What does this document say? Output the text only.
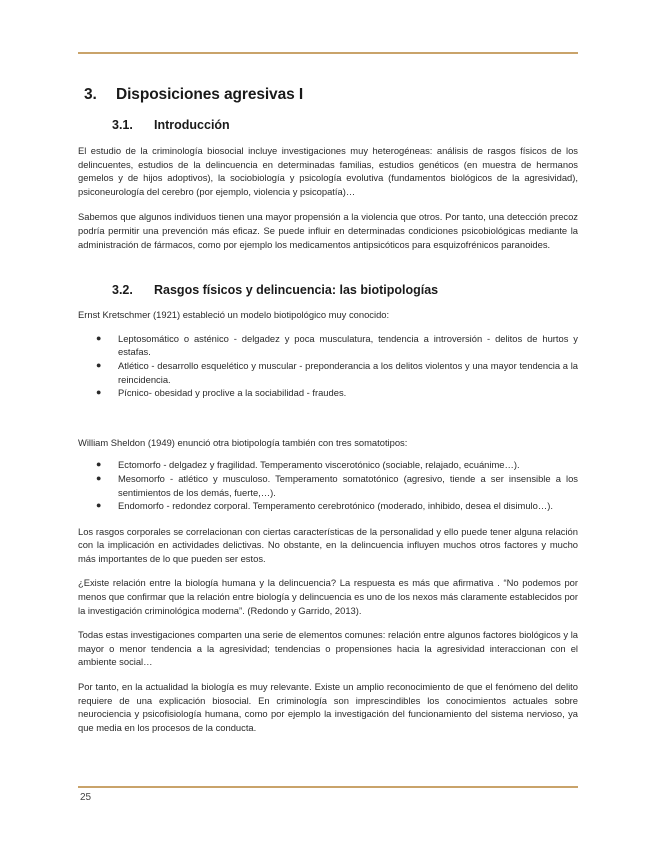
3.	Disposiciones agresivas I
3.1.	Introducción

El estudio de la criminología biosocial incluye investigaciones muy heterogéneas: análisis de rasgos físicos de los delincuentes, estudios de la delincuencia en determinadas familias, estudios genéticos (en muestra de hermanos gemelos y de hijos adoptivos), la sociobiología y psicología evolutiva (fundamentos biológicos de la agresividad), psiconeurología del cerebro (por ejemplo, violencia y psicopatía)…

Sabemos que algunos individuos tienen una mayor propensión a la violencia que otros. Por tanto, una detección precoz podría permitir una prevención más eficaz. Se puede influir en determinadas condiciones psicobiológicas mediante la administración de fármacos, como por ejemplo los medicamentos antipsicóticos para esquizofrénicos paranoides.

3.2.	Rasgos físicos y delincuencia: las biotipologías

Ernst Kretschmer (1921) estableció un modelo biotipológico muy conocido:

● Leptosomático o asténico - delgadez y poca musculatura, tendencia a introversión - delitos de hurtos y estafas.
● Atlético - desarrollo esquelético y muscular - preponderancia a los delitos violentos y una mayor tendencia a la reincidencia.
● Pícnico- obesidad y proclive a la sociabilidad - fraudes.

William Sheldon (1949) enunció otra biotipología también con tres somatotipos:

● Ectomorfo - delgadez y fragilidad. Temperamento viscerotónico (sociable, relajado, ecuánime…).
● Mesomorfo - atlético y musculoso. Temperamento somatotónico (agresivo, tiende a ser insensible a los sentimientos de los demás, fuerte,…).
● Endomorfo - redondez corporal. Temperamento cerebrotónico (moderado, inhibido, desea el disimulo…).

Los rasgos corporales se correlacionan con ciertas características de la personalidad y ello puede tener alguna relación con la implicación en actividades delictivas. No obstante, en la delincuencia influyen muchos otros factores y mucho más importantes de lo que pueden ser estos.

¿Existe relación entre la biología humana y la delincuencia? La respuesta es más que afirmativa . “No podemos por menos que confirmar que la relación entre biología y delincuencia es uno de los nexos más claramente establecidos por la investigación criminológica moderna”. (Redondo y Garrido, 2013).

Todas estas investigaciones comparten una serie de elementos comunes: relación entre algunos factores biológicos y la mayor o menor tendencia a la agresividad; tendencias o propensiones hacia la agresividad interaccionan con el ambiente social…

Por tanto, en la actualidad la biología es muy relevante. Existe un amplio reconocimiento de que el fenómeno del delito requiere de una explicación biosocial. En criminología son imprescindibles los conocimientos actuales sobre neurociencia y psicofisiología humana, como por ejemplo la investigación del funcionamiento del sistema nervioso, ya que media en los procesos de la conducta.

25
